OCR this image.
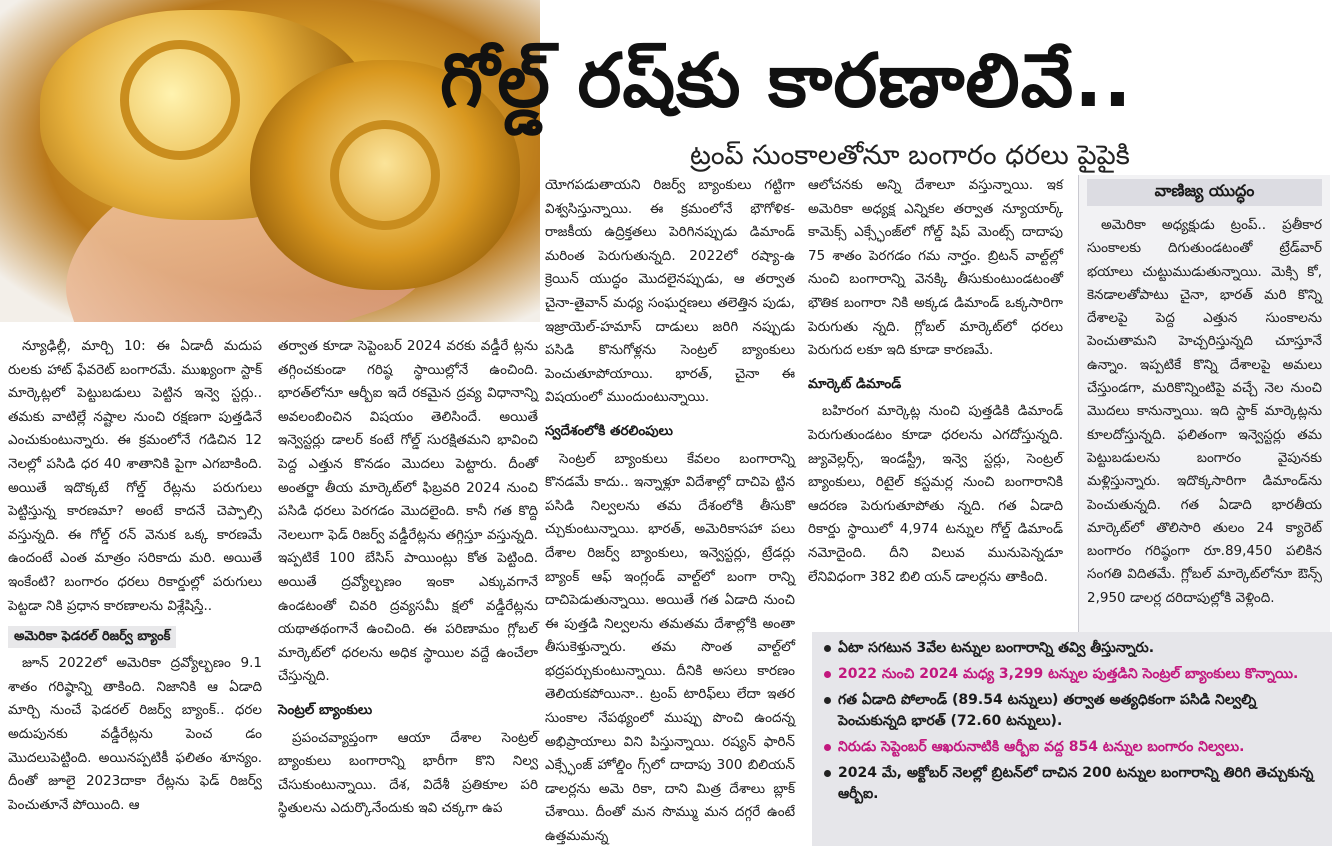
గోల్డ్‌ రష్‌కు కారణాలివే..
ట్రంప్‌ సుంకాలతోనూ బంగారం ధరలు పైపైకి

న్యూఢిల్లీ, మార్చి 10: ఈ ఏడాదీ మదుప రులకు హాట్‌ ఫేవరెట్‌ బంగారమే. ముఖ్యంగా స్టాక్‌ మార్కెట్లలో పెట్టుబడులు పెట్టిన ఇన్వె స్టర్లు.. తమకు వాటిల్లే నష్టాల నుంచి రక్షణగా పుత్తడినే ఎంచుకుంటున్నారు. ఈ క్రమంలోనే గడిచిన 12 నెలల్లో పసిడి ధర 40 శాతానికి పైగా ఎగబాకింది. అయితే ఇదొక్కటే గోల్డ్‌ రేట్లను పరుగులు పెట్టిస్తున్న కారణమా? అంటే కాదనే చెప్పాల్సి వస్తున్నది. ఈ గోల్డ్‌ రన్‌ వెనుక ఒక్క కారణమే ఉందంటే ఎంత మాత్రం సరికాదు మరి. అయితే ఇంకేంటి? బంగారం ధరలు రికార్డుల్లో పరుగులు పెట్టడా నికి ప్రధాన కారణాలను విశ్లేషిస్తే..

అమెరికా ఫెడరల్‌ రిజర్వ్‌ బ్యాంక్‌

జూన్‌ 2022లో అమెరికా ద్రవ్యోల్బణం 9.1 శాతం గరిష్ఠాన్ని తాకింది. నిజానికి ఆ ఏడాది మార్చి నుంచే ఫెడరల్‌ రిజర్వ్‌ బ్యాంక్‌.. ధరల అదుపునకు వడ్డీరేట్లను పెంచ డం మొదలుపెట్టింది. అయినప్పటికీ ఫలితం శూన్యం. దీంతో జూలై 2023దాకా రేట్లను ఫెడ్‌ రిజర్వ్‌ పెంచుతూనే పోయింది. ఆ

తర్వాత కూడా సెప్టెంబర్‌ 2024 వరకు వడ్డీరే ట్లను తగ్గించకుండా గరిష్ఠ స్థాయిల్లోనే ఉంచింది. భారత్‌లోనూ ఆర్బీఐ ఇదే రకమైన ద్రవ్య విధానాన్ని అవలంబించిన విషయం తెలిసిందే. అయితే ఇన్వెస్టర్లు డాలర్‌ కంటే గోల్డ్‌ సురక్షితమని భావించి పెద్ద ఎత్తున కొనడం మొదలు పెట్టారు. దీంతో అంతర్జా తీయ మార్కెట్‌లో ఫిబ్రవరి 2024 నుంచి పసిడి ధరలు పెరగడం మొదలైంది. కానీ గత కొద్ది నెలలుగా ఫెడ్‌ రిజర్వ్‌ వడ్డీరేట్లను తగ్గిస్తూ వస్తున్నది. ఇప్పటికే 100 బేసిస్‌ పాయింట్లు కోత పెట్టింది. అయితే ద్రవ్యోల్బణం ఇంకా ఎక్కువగానే ఉండటంతో చివరి ద్రవ్యసమీ క్షలో వడ్డీరేట్లను యథాతథంగానే ఉంచింది. ఈ పరిణామం గ్లోబల్‌ మార్కెట్‌లో ధరలను అధిక స్థాయిల వద్దే ఉంచేలా చేస్తున్నది.

సెంట్రల్‌ బ్యాంకులు

ప్రపంచవ్యాప్తంగా ఆయా దేశాల సెంట్రల్‌ బ్యాంకులు బంగారాన్ని భారీగా కొని నిల్వ చేసుకుంటున్నాయి. దేశ, విదేశీ ప్రతికూల పరి స్థితులను ఎదుర్కొనేందుకు ఇవి చక్కగా ఉప

యోగపడుతాయని రిజర్వ్‌ బ్యాంకులు గట్టిగా విశ్వసిస్తున్నాయి. ఈ క్రమంలోనే భౌగోళిక-రాజకీయ ఉద్రిక్తతలు పెరిగినప్పుడు డిమాండ్‌ మరింత పెరుగుతున్నది. 2022లో రష్యా-ఉ క్రెయిన్‌ యుద్ధం మొదలైనప్పుడు, ఆ తర్వాత చైనా-తైవాన్‌ మధ్య సంఘర్షణలు తలెత్తిన పుడు, ఇజ్రాయెల్‌-హమాస్‌ దాడులు జరిగి నప్పుడు పసిడి కొనుగోళ్లను సెంట్రల్‌ బ్యాంకులు పెంచుతూపోయాయి. భారత్‌, చైనా ఈ విషయంలో ముందుంటున్నాయి.

స్వదేశంలోకి తరలింపులు

సెంట్రల్‌ బ్యాంకులు కేవలం బంగారాన్ని కొనడమే కాదు.. ఇన్నాళ్లూ విదేశాల్లో దాచిపె ట్టిన పసిడి నిల్వలను తమ దేశంలోకి తీసుకొ చ్చుకుంటున్నాయి. భారత్‌, అమెరికాసహా పలు దేశాల రిజర్వ్‌ బ్యాంకులు, ఇన్వెస్టర్లు, ట్రేడర్లు బ్యాంక్‌ ఆఫ్‌ ఇంగ్లండ్‌ వాల్ట్‌లో బంగా రాన్ని దాచిపెడుతున్నాయి. అయితే గత ఏడాది నుంచి ఈ పుత్తడి నిల్వలను తమతమ దేశాల్లోకి అంతా తీసుకెళ్తున్నారు. తమ సొంత వాల్ట్‌లో భద్రపర్చుకుంటున్నాయి. దీనికి అసలు కారణం తెలియకపోయినా.. ట్రంప్‌ టారిఫ్‌లు లేదా ఇతర సుంకాల నేపథ్యంలో ముప్పు పొంచి ఉందన్న అభిప్రాయాలు విని పిస్తున్నాయి. రష్యన్‌ ఫారిన్‌ ఎక్స్ఛేంజ్‌ హోల్డిం గ్స్‌లో దాదాపు 300 బిలియన్‌ డాలర్లను అమె రికా, దాని మిత్ర దేశాలు బ్లాక్‌ చేశాయి. దీంతో మన సొమ్ము మన దగ్గరే ఉంటే ఉత్తమమన్న

ఆలోచనకు అన్ని దేశాలూ వస్తున్నాయి. ఇక అమెరికా అధ్యక్ష ఎన్నికల తర్వాత న్యూయార్క్‌ కామెక్స్‌ ఎక్స్ఛేంజ్‌లో గోల్డ్‌ షిప్‌ మెంట్స్‌ దాదాపు 75 శాతం పెరగడం గమ నార్హం. బ్రిటన్‌ వాల్ట్‌ల్లో నుంచి బంగారాన్ని వెనక్కి తీసుకుంటుండటంతో భౌతిక బంగారా నికి అక్కడ డిమాండ్‌ ఒక్కసారిగా పెరుగుతు న్నది. గ్లోబల్‌ మార్కెట్‌లో ధరలు పెరుగుద లకూ ఇది కూడా కారణమే.

మార్కెట్‌ డిమాండ్‌

బహిరంగ మార్కెట్ల నుంచి పుత్తడికి డిమాండ్‌ పెరుగుతుండటం కూడా ధరలను ఎగదోస్తున్నది. జ్యువెల్లర్స్‌, ఇండస్ట్రీ, ఇన్వె స్టర్లు, సెంట్రల్‌ బ్యాంకులు, రిటైల్‌ కస్టమర్ల నుంచి బంగారానికి ఆదరణ పెరుగుతూపోతు న్నది. గత ఏడాది రికార్డు స్థాయిలో 4,974 టన్నుల గోల్డ్‌ డిమాండ్‌ నమోదైంది. దీని విలువ మునుపెన్నడూ లేనివిధంగా 382 బిలి యన్‌ డాలర్లను తాకింది.

వాణిజ్య యుద్ధం

అమెరికా అధ్యక్షుడు ట్రంప్‌.. ప్రతీకార సుంకాలకు దిగుతుండటంతో ట్రేడ్‌వార్‌ భయాలు చుట్టుముడుతున్నాయి. మెక్సి కో, కెనడాలతోపాటు చైనా, భారత్‌ మరి కొన్ని దేశాలపై పెద్ద ఎత్తున సుంకాలను పెంచుతామని హెచ్చరిస్తున్నది చూస్తూనే ఉన్నాం. ఇప్పటికే కొన్ని దేశాలపై అమలు చేస్తుండగా, మరికొన్నింటిపై వచ్చే నెల నుంచి మొదలు కానున్నాయి. ఇది స్టాక్‌ మార్కెట్లను కూలదోస్తున్నది. ఫలితంగా ఇన్వెస్టర్లు తమ పెట్టుబడులను బంగారం వైపునకు మళ్లిస్తున్నారు. ఇదొక్కసారిగా డిమాండ్‌ను పెంచుతున్నది. గత ఏడాది భారతీయ మార్కెట్‌లో తొలిసారి తులం 24 క్యారెట్‌ బంగారం గరిష్ఠంగా రూ.89,450 పలికిన సంగతి విదితమే. గ్లోబల్‌ మార్కెట్‌లోనూ ఔన్స్‌ 2,950 డాలర్ల దరిదాపుల్లోకి వెళ్లింది.

ఏటా సగటున 3వేల టన్నుల బంగారాన్ని తవ్వి తీస్తున్నారు.
2022 నుంచి 2024 మధ్య 3,299 టన్నుల పుత్తడిని సెంట్రల్‌ బ్యాంకులు కొన్నాయి.
గత ఏడాది పోలాండ్‌ (89.54 టన్నులు) తర్వాత అత్యధికంగా పసిడి నిల్వల్ని పెంచుకున్నది భారత్‌ (72.60 టన్నులు).
నిరుడు సెప్టెంబర్‌ ఆఖరునాటికి ఆర్బీఐ వద్ద 854 టన్నుల బంగారం నిల్వలు.
2024 మే, అక్టోబర్‌ నెలల్లో బ్రిటన్‌లో దాచిన 200 టన్నుల బంగారాన్ని తిరిగి తెచ్చుకున్న ఆర్బీఐ.
